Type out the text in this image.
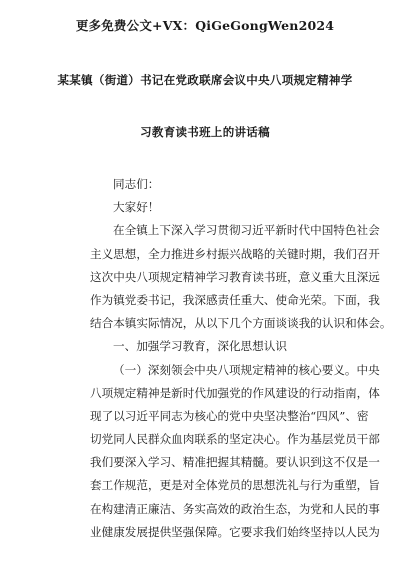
更多免费公文+VX：QiGeGongWen2024
某某镇（街道）书记在党政联席会议中央八项规定精神学
习教育读书班上的讲话稿
同志们：
大家好！
在全镇上下深入学习贯彻习近平新时代中国特色社会
主义思想，全力推进乡村振兴战略的关键时期，我们召开
这次中央八项规定精神学习教育读书班，意义重大且深远
作为镇党委书记，我深感责任重大、使命光荣。下面，我
结合本镇实际情况，从以下几个方面谈谈我的认识和体会。
一、加强学习教育，深化思想认识
（一）深刻领会中央八项规定精神的核心要义。中央
八项规定精神是新时代加强党的作风建设的行动指南，体
现了以习近平同志为核心的党中央坚决整治“四风”、密
切党同人民群众血肉联系的坚定决心。作为基层党员干部
我们要深入学习、精准把握其精髓。要认识到这不仅是一
套工作规范，更是对全体党员的思想洗礼与行为重塑，旨
在构建清正廉洁、务实高效的政治生态，为党和人民的事
业健康发展提供坚强保障。它要求我们始终坚持以人民为
